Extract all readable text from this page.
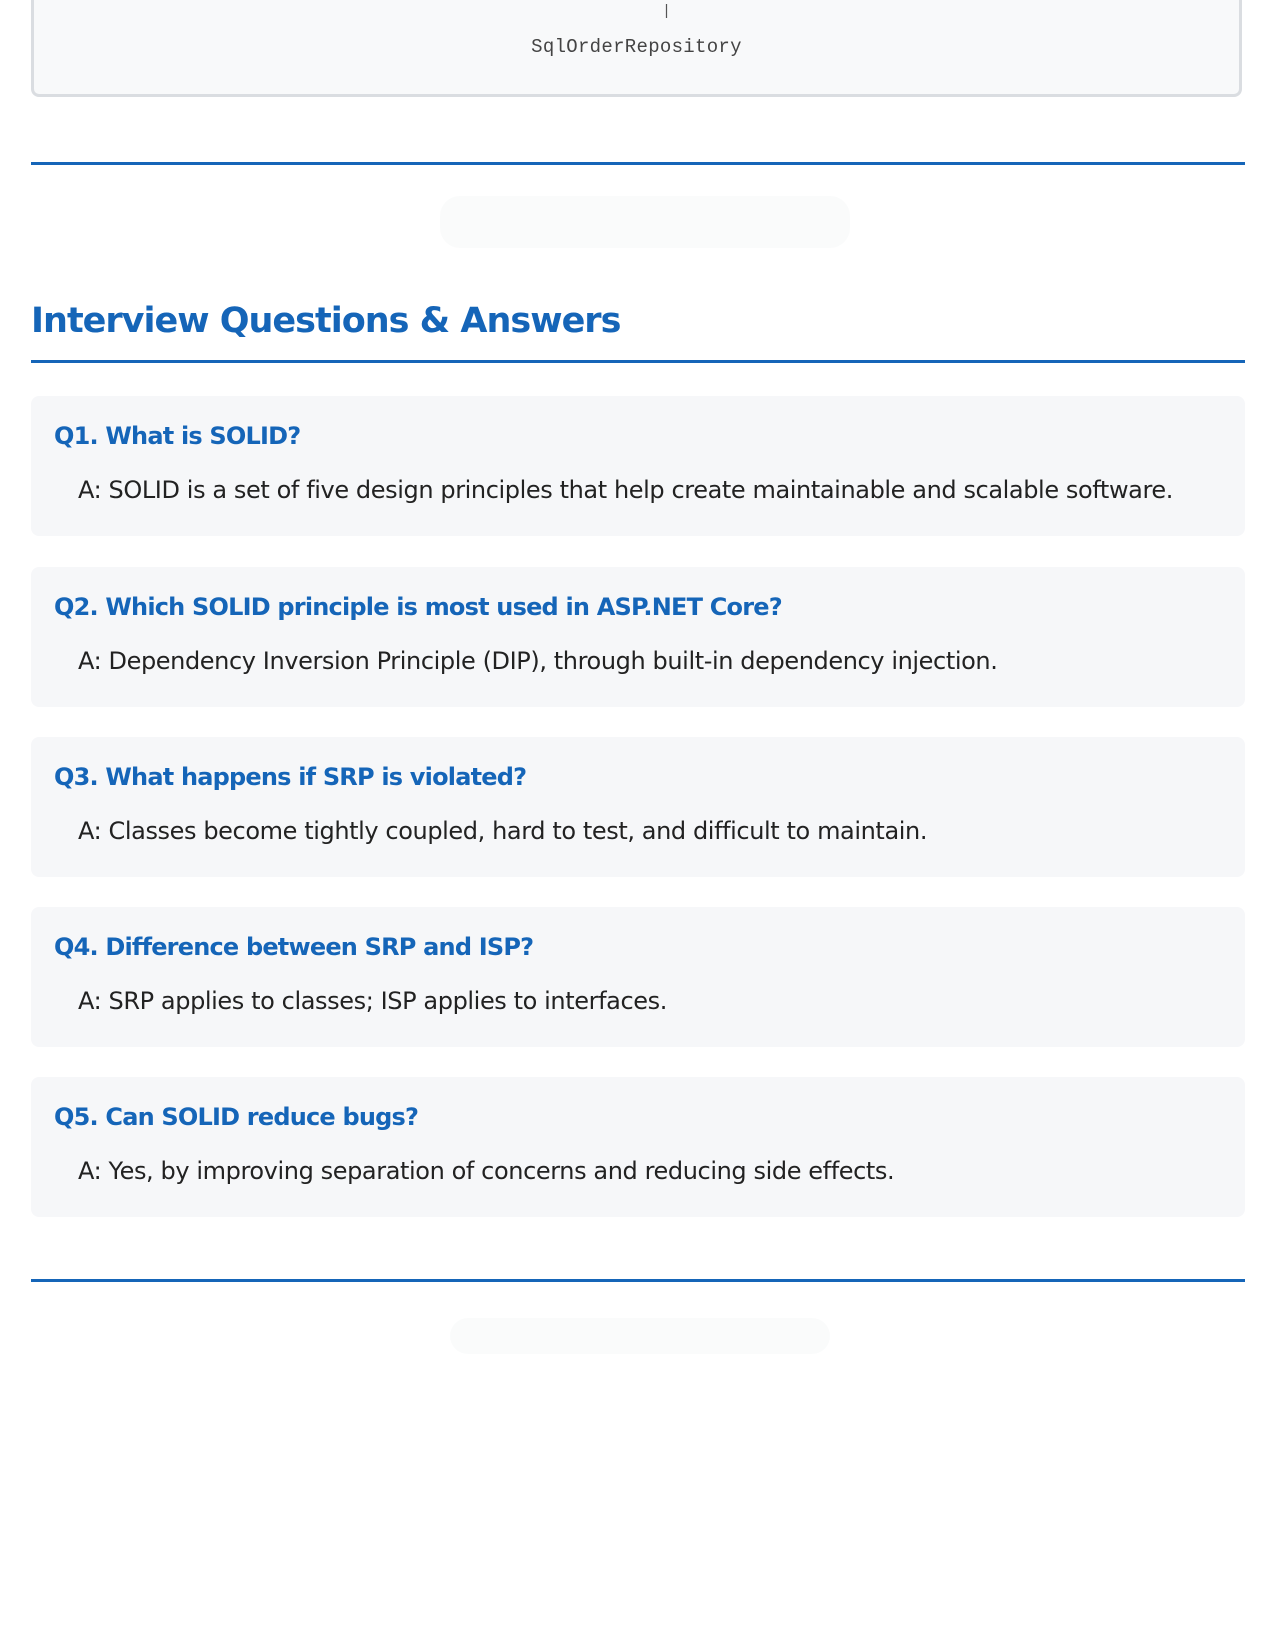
|
SqlOrderRepository
Interview Questions & Answers
Q1. What is SOLID?
A: SOLID is a set of five design principles that help create maintainable and scalable software.
Q2. Which SOLID principle is most used in ASP.NET Core?
A: Dependency Inversion Principle (DIP), through built-in dependency injection.
Q3. What happens if SRP is violated?
A: Classes become tightly coupled, hard to test, and difficult to maintain.
Q4. Difference between SRP and ISP?
A: SRP applies to classes; ISP applies to interfaces.
Q5. Can SOLID reduce bugs?
A: Yes, by improving separation of concerns and reducing side effects.
